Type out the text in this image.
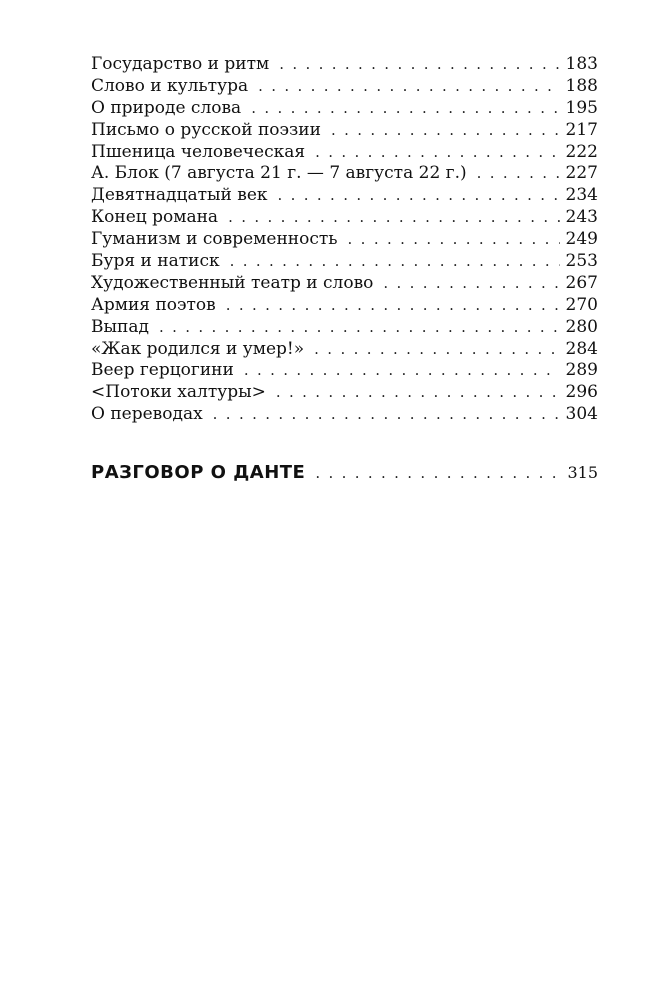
Государство и ритм . . .	183
Слово и культура . . .	188
О природе слова . . .	195
Письмо о русской поэзии . . .	217
Пшеница человеческая . . .	222
А. Блок (7 августа 21 г. — 7 августа 22 г.) . . .	227
Девятнадцатый век . . .	234
Конец романа . . .	243
Гуманизм и современность . . .	249
Буря и натиск . . .	253
Художественный театр и слово . . .	267
Армия поэтов . . .	270
Выпад . . .	280
«Жак родился и умер!» . . .	284
Веер герцогини . . .	289
<Потоки халтуры> . . .	296
О переводах . . .	304
РАЗГОВОР О ДАНТЕ . . .	315
